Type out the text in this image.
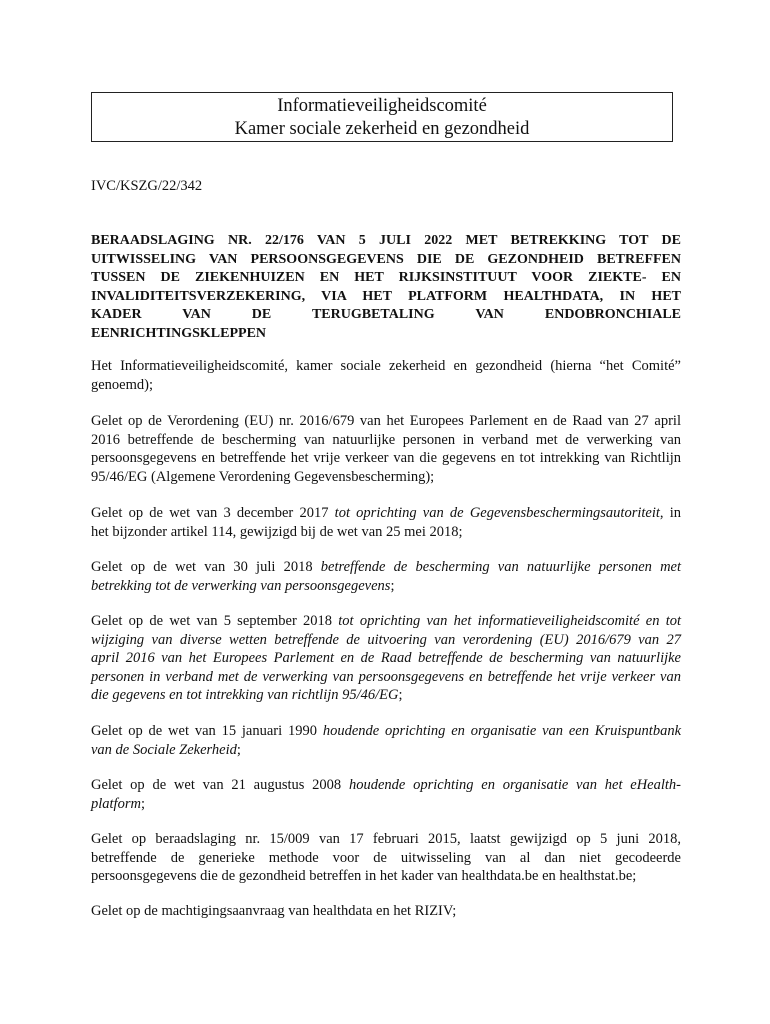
Informatieveiligheidscomité
Kamer sociale zekerheid en gezondheid
IVC/KSZG/22/342
BERAADSLAGING NR. 22/176 VAN 5 JULI 2022 MET BETREKKING TOT DE
UITWISSELING VAN PERSOONSGEGEVENS DIE DE GEZONDHEID BETREFFEN
TUSSEN DE ZIEKENHUIZEN EN HET RIJKSINSTITUUT VOOR ZIEKTE- EN
INVALIDITEITSVERZEKERING, VIA HET PLATFORM HEALTHDATA, IN HET
KADER VAN DE TERUGBETALING VAN ENDOBRONCHIALE
EENRICHTINGSKLEPPEN
Het Informatieveiligheidscomité, kamer sociale zekerheid en gezondheid (hierna “het Comité”
genoemd);
Gelet op de Verordening (EU) nr. 2016/679 van het Europees Parlement en de Raad van 27 april
2016 betreffende de bescherming van natuurlijke personen in verband met de verwerking van
persoonsgegevens en betreffende het vrije verkeer van die gegevens en tot intrekking van Richtlijn
95/46/EG (Algemene Verordening Gegevensbescherming);
Gelet op de wet van 3 december 2017 tot oprichting van de Gegevensbeschermingsautoriteit, in
het bijzonder artikel 114, gewijzigd bij de wet van 25 mei 2018;
Gelet op de wet van 30 juli 2018 betreffende de bescherming van natuurlijke personen met
betrekking tot de verwerking van persoonsgegevens;
Gelet op de wet van 5 september 2018 tot oprichting van het informatieveiligheidscomité en tot
wijziging van diverse wetten betreffende de uitvoering van verordening (EU) 2016/679 van 27
april 2016 van het Europees Parlement en de Raad betreffende de bescherming van natuurlijke
personen in verband met de verwerking van persoonsgegevens en betreffende het vrije verkeer van
die gegevens en tot intrekking van richtlijn 95/46/EG;
Gelet op de wet van 15 januari 1990 houdende oprichting en organisatie van een Kruispuntbank
van de Sociale Zekerheid;
Gelet op de wet van 21 augustus 2008 houdende oprichting en organisatie van het eHealth-
platform;
Gelet op beraadslaging nr. 15/009 van 17 februari 2015, laatst gewijzigd op 5 juni 2018,
betreffende de generieke methode voor de uitwisseling van al dan niet gecodeerde
persoonsgegevens die de gezondheid betreffen in het kader van healthdata.be en healthstat.be;
Gelet op de machtigingsaanvraag van healthdata en het RIZIV;
